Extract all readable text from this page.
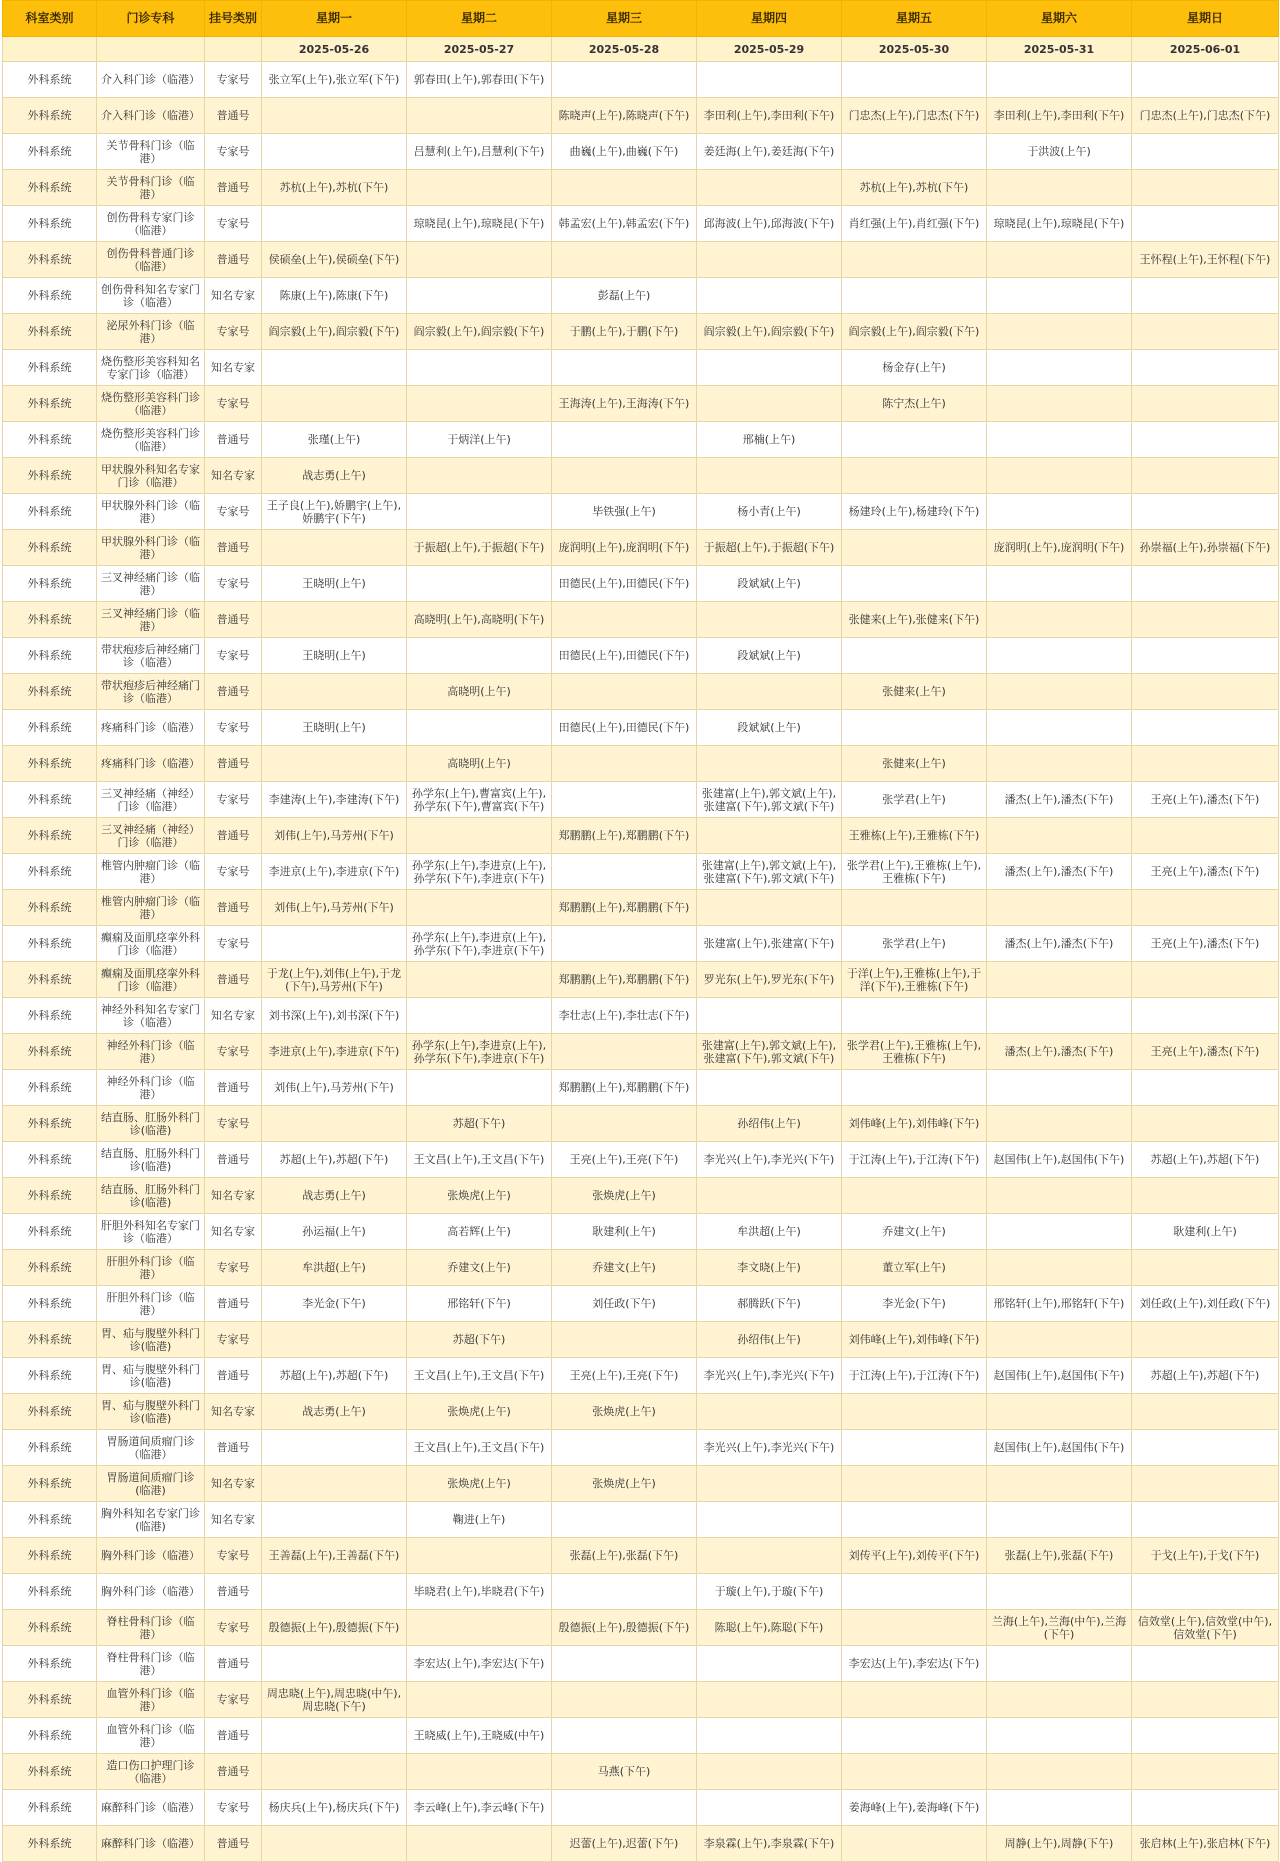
科室类别	门诊专科	挂号类别	星期一	星期二	星期三	星期四	星期五	星期六	星期日
			2025-05-26	2025-05-27	2025-05-28	2025-05-29	2025-05-30	2025-05-31	2025-06-01
外科系统	介入科门诊（临港）	专家号	张立军(上午),张立军(下午)	郭春田(上午),郭春田(下午)					
外科系统	介入科门诊（临港）	普通号			陈晓声(上午),陈晓声(下午)	李田利(上午),李田利(下午)	门忠杰(上午),门忠杰(下午)	李田利(上午),李田利(下午)	门忠杰(上午),门忠杰(下午)
外科系统	关节骨科门诊（临港）	专家号		吕慧利(上午),吕慧利(下午)	曲巍(上午),曲巍(下午)	姜廷海(上午),姜廷海(下午)		于洪波(上午)	
外科系统	关节骨科门诊（临港）	普通号	苏杭(上午),苏杭(下午)				苏杭(上午),苏杭(下午)		
外科系统	创伤骨科专家门诊（临港）	专家号		琼晓昆(上午),琼晓昆(下午)	韩孟宏(上午),韩孟宏(下午)	邱海波(上午),邱海波(下午)	肖红强(上午),肖红强(下午)	琼晓昆(上午),琼晓昆(下午)	
外科系统	创伤骨科普通门诊（临港）	普通号	侯硕垒(上午),侯硕垒(下午)						王怀程(上午),王怀程(下午)
外科系统	创伤骨科知名专家门诊（临港）	知名专家	陈康(上午),陈康(下午)		彭磊(上午)				
外科系统	泌尿外科门诊（临港）	专家号	阎宗毅(上午),阎宗毅(下午)	阎宗毅(上午),阎宗毅(下午)	于鹏(上午),于鹏(下午)	阎宗毅(上午),阎宗毅(下午)	阎宗毅(上午),阎宗毅(下午)		
外科系统	烧伤整形美容科知名专家门诊（临港）	知名专家					杨金存(上午)		
外科系统	烧伤整形美容科门诊（临港）	专家号			王海涛(上午),王海涛(下午)		陈宁杰(上午)		
外科系统	烧伤整形美容科门诊（临港）	普通号	张瑾(上午)	于炳洋(上午)		邢楠(上午)			
外科系统	甲状腺外科知名专家门诊（临港）	知名专家	战志勇(上午)						
外科系统	甲状腺外科门诊（临港）	专家号	王子良(上午),娇鹏宇(上午),娇鹏宇(下午)		毕铁强(上午)	杨小青(上午)	杨建玲(上午),杨建玲(下午)		
外科系统	甲状腺外科门诊（临港）	普通号		于振超(上午),于振超(下午)	庞润明(上午),庞润明(下午)	于振超(上午),于振超(下午)		庞润明(上午),庞润明(下午)	孙崇福(上午),孙崇福(下午)
外科系统	三叉神经痛门诊（临港）	专家号	王晓明(上午)		田德民(上午),田德民(下午)	段斌斌(上午)			
外科系统	三叉神经痛门诊（临港）	普通号		高晓明(上午),高晓明(下午)			张健来(上午),张健来(下午)		
外科系统	带状疱疹后神经痛门诊（临港）	专家号	王晓明(上午)		田德民(上午),田德民(下午)	段斌斌(上午)			
外科系统	带状疱疹后神经痛门诊（临港）	普通号		高晓明(上午)			张健来(上午)		
外科系统	疼痛科门诊（临港）	专家号	王晓明(上午)		田德民(上午),田德民(下午)	段斌斌(上午)			
外科系统	疼痛科门诊（临港）	普通号		高晓明(上午)			张健来(上午)		
外科系统	三叉神经痛（神经）门诊（临港）	专家号	李建涛(上午),李建涛(下午)	孙学东(上午),曹富宾(上午),孙学东(下午),曹富宾(下午)		张建富(上午),郭文斌(上午),张建富(下午),郭文斌(下午)	张学君(上午)	潘杰(上午),潘杰(下午)	王亮(上午),潘杰(下午)
外科系统	三叉神经痛（神经）门诊（临港）	普通号	刘伟(上午),马芳州(下午)		郑鹏鹏(上午),郑鹏鹏(下午)		王雅栋(上午),王雅栋(下午)		
外科系统	椎管内肿瘤门诊（临港）	专家号	李进京(上午),李进京(下午)	孙学东(上午),李进京(上午),孙学东(下午),李进京(下午)		张建富(上午),郭文斌(上午),张建富(下午),郭文斌(下午)	张学君(上午),王雅栋(上午),王雅栋(下午)	潘杰(上午),潘杰(下午)	王亮(上午),潘杰(下午)
外科系统	椎管内肿瘤门诊（临港）	普通号	刘伟(上午),马芳州(下午)		郑鹏鹏(上午),郑鹏鹏(下午)				
外科系统	癫痫及面肌痉挛外科门诊（临港）	专家号		孙学东(上午),李进京(上午),孙学东(下午),李进京(下午)		张建富(上午),张建富(下午)	张学君(上午)	潘杰(上午),潘杰(下午)	王亮(上午),潘杰(下午)
外科系统	癫痫及面肌痉挛外科门诊（临港）	普通号	于龙(上午),刘伟(上午),于龙(下午),马芳州(下午)		郑鹏鹏(上午),郑鹏鹏(下午)	罗光东(上午),罗光东(下午)	于洋(上午),王雅栋(上午),于洋(下午),王雅栋(下午)		
外科系统	神经外科知名专家门诊（临港）	知名专家	刘书深(上午),刘书深(下午)		李壮志(上午),李壮志(下午)				
外科系统	神经外科门诊（临港）	专家号	李进京(上午),李进京(下午)	孙学东(上午),李进京(上午),孙学东(下午),李进京(下午)		张建富(上午),郭文斌(上午),张建富(下午),郭文斌(下午)	张学君(上午),王雅栋(上午),王雅栋(下午)	潘杰(上午),潘杰(下午)	王亮(上午),潘杰(下午)
外科系统	神经外科门诊（临港）	普通号	刘伟(上午),马芳州(下午)		郑鹏鹏(上午),郑鹏鹏(下午)				
外科系统	结直肠、肛肠外科门诊(临港)	专家号		苏超(下午)		孙绍伟(上午)	刘伟峰(上午),刘伟峰(下午)		
外科系统	结直肠、肛肠外科门诊(临港)	普通号	苏超(上午),苏超(下午)	王文昌(上午),王文昌(下午)	王亮(上午),王亮(下午)	李光兴(上午),李光兴(下午)	于江涛(上午),于江涛(下午)	赵国伟(上午),赵国伟(下午)	苏超(上午),苏超(下午)
外科系统	结直肠、肛肠外科门诊(临港)	知名专家	战志勇(上午)	张焕虎(上午)	张焕虎(上午)				
外科系统	肝胆外科知名专家门诊（临港）	知名专家	孙运福(上午)	高若辉(上午)	耿建利(上午)	牟洪超(上午)	乔建文(上午)		耿建利(上午)
外科系统	肝胆外科门诊（临港）	专家号	牟洪超(上午)	乔建文(上午)	乔建文(上午)	李文晓(上午)	董立军(上午)		
外科系统	肝胆外科门诊（临港）	普通号	李光金(下午)	邢铭轩(下午)	刘任政(下午)	郝腾跃(下午)	李光金(下午)	邢铭轩(上午),邢铭轩(下午)	刘任政(上午),刘任政(下午)
外科系统	胃、疝与腹壁外科门诊(临港)	专家号		苏超(下午)		孙绍伟(上午)	刘伟峰(上午),刘伟峰(下午)		
外科系统	胃、疝与腹壁外科门诊(临港)	普通号	苏超(上午),苏超(下午)	王文昌(上午),王文昌(下午)	王亮(上午),王亮(下午)	李光兴(上午),李光兴(下午)	于江涛(上午),于江涛(下午)	赵国伟(上午),赵国伟(下午)	苏超(上午),苏超(下午)
外科系统	胃、疝与腹壁外科门诊(临港)	知名专家	战志勇(上午)	张焕虎(上午)	张焕虎(上午)				
外科系统	胃肠道间质瘤门诊（临港）	普通号		王文昌(上午),王文昌(下午)		李光兴(上午),李光兴(下午)		赵国伟(上午),赵国伟(下午)	
外科系统	胃肠道间质瘤门诊(临港)	知名专家		张焕虎(上午)	张焕虎(上午)				
外科系统	胸外科知名专家门诊(临港)	知名专家		鞠进(上午)					
外科系统	胸外科门诊（临港）	专家号	王善磊(上午),王善磊(下午)		张磊(上午),张磊(下午)		刘传平(上午),刘传平(下午)	张磊(上午),张磊(下午)	于戈(上午),于戈(下午)
外科系统	胸外科门诊（临港）	普通号		毕晓君(上午),毕晓君(下午)		于璇(上午),于璇(下午)			
外科系统	脊柱骨科门诊（临港）	专家号	殷德振(上午),殷德振(下午)		殷德振(上午),殷德振(下午)	陈聪(上午),陈聪(下午)		兰海(上午),兰海(中午),兰海(下午)	信效堂(上午),信效堂(中午),信效堂(下午)
外科系统	脊柱骨科门诊（临港）	普通号		李宏达(上午),李宏达(下午)			李宏达(上午),李宏达(下午)		
外科系统	血管外科门诊（临港）	专家号	周忠晓(上午),周忠晓(中午),周忠晓(下午)						
外科系统	血管外科门诊（临港）	普通号		王晓威(上午),王晓威(中午)					
外科系统	造口伤口护理门诊（临港）	普通号			马燕(下午)				
外科系统	麻醉科门诊（临港）	专家号	杨庆兵(上午),杨庆兵(下午)	李云峰(上午),李云峰(下午)			姜海峰(上午),姜海峰(下午)		
外科系统	麻醉科门诊（临港）	普通号			迟蕾(上午),迟蕾(下午)	李泉霖(上午),李泉霖(下午)		周静(上午),周静(下午)	张启林(上午),张启林(下午)
